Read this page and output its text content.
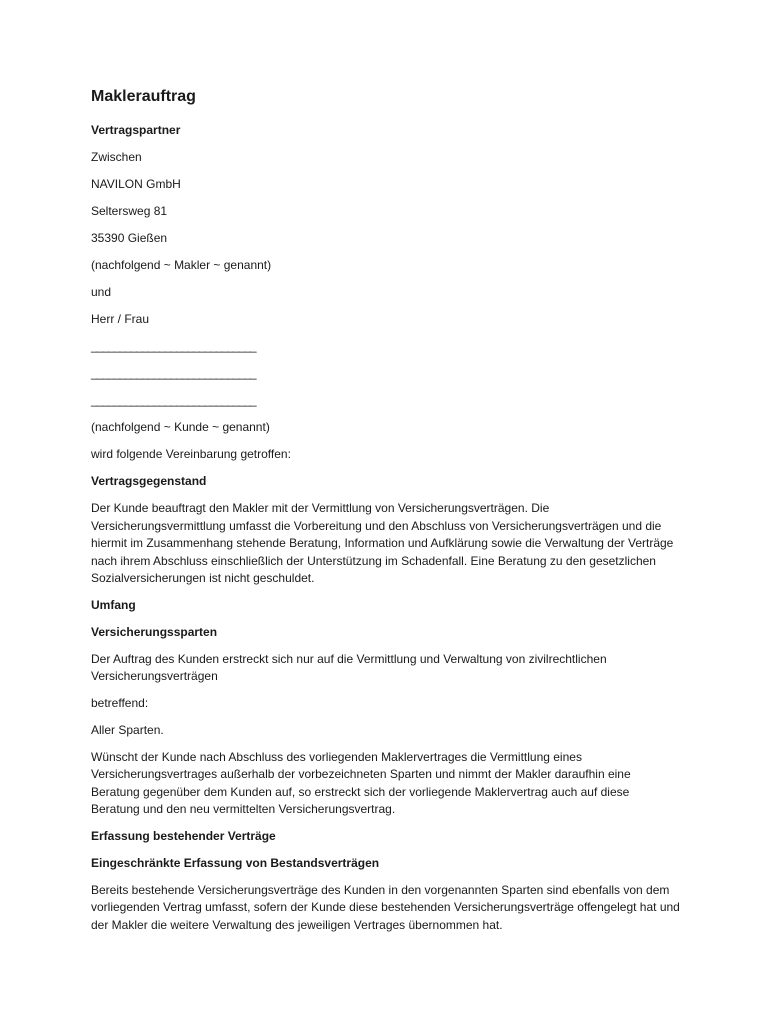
Maklerauftrag
Vertragspartner
Zwischen
NAVILON GmbH
Seltersweg 81
35390 Gießen
(nachfolgend ~ Makler ~ genannt)
und
Herr / Frau
_____________________________
_____________________________
_____________________________
(nachfolgend ~ Kunde ~ genannt)
wird folgende Vereinbarung getroffen:
Vertragsgegenstand
Der Kunde beauftragt den Makler mit der Vermittlung von Versicherungsverträgen. Die Versicherungsvermittlung umfasst die Vorbereitung und den Abschluss von Versicherungsverträgen und die hiermit im Zusammenhang stehende Beratung, Information und Aufklärung sowie die Verwaltung der Verträge nach ihrem Abschluss einschließlich der Unterstützung im Schadenfall. Eine Beratung zu den gesetzlichen Sozialversicherungen ist nicht geschuldet.
Umfang
Versicherungssparten
Der Auftrag des Kunden erstreckt sich nur auf die Vermittlung und Verwaltung von zivilrechtlichen Versicherungsverträgen
betreffend:
Aller Sparten.
Wünscht der Kunde nach Abschluss des vorliegenden Maklervertrages die Vermittlung eines Versicherungsvertrages außerhalb der vorbezeichneten Sparten und nimmt der Makler daraufhin eine Beratung gegenüber dem Kunden auf, so erstreckt sich der vorliegende Maklervertrag auch auf diese Beratung und den neu vermittelten Versicherungsvertrag.
Erfassung bestehender Verträge
Eingeschränkte Erfassung von Bestandsverträgen
Bereits bestehende Versicherungsverträge des Kunden in den vorgenannten Sparten sind ebenfalls von dem vorliegenden Vertrag umfasst, sofern der Kunde diese bestehenden Versicherungsverträge offengelegt hat und der Makler die weitere Verwaltung des jeweiligen Vertrages übernommen hat.
